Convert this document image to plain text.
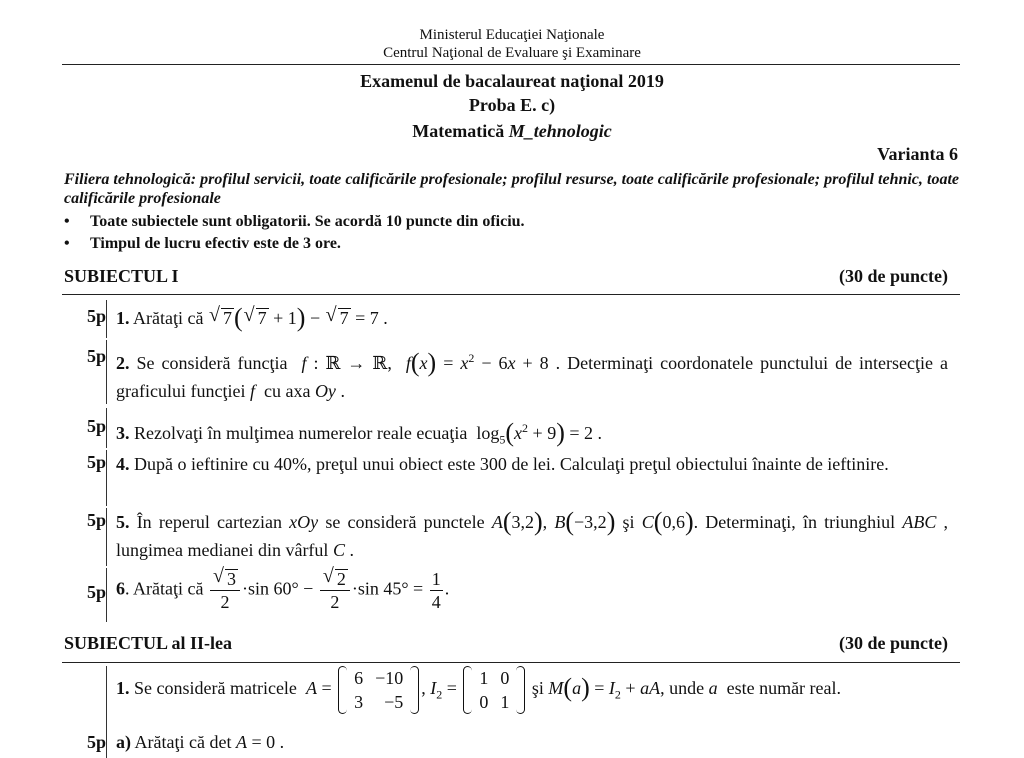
Ministerul Educaţiei Naţionale
Centrul Naţional de Evaluare şi Examinare
Examenul de bacalaureat naţional 2019
Proba E. c)
Matematică M_tehnologic
Varianta 6
Filiera tehnologică: profilul servicii, toate calificările profesionale; profilul resurse, toate calificările profesionale; profilul tehnic, toate calificările profesionale
• Toate subiectele sunt obligatorii. Se acordă 10 puncte din oficiu.
• Timpul de lucru efectiv este de 3 ore.
SUBIECTUL I	(30 de puncte)
5p 1. Arătaţi că √ 7( √ 7 + 1) − √ 7 = 7 .
5p 2. Se consideră funcţia f : ℝ → ℝ,  $f(x) = x^2 - 6x + 8$ . Determinaţi coordonatele punctului de intersecţie a graficului funcţiei f cu axa Oy .
5p 3. Rezolvaţi în mulţimea numerelor reale ecuaţia  $\log_5(x^2 + 9) = 2$ .
5p 4. După o ieftinire cu 40%, preţul unui obiect este 300 de lei. Calculaţi preţul obiectului înainte de ieftinire.
5p 5. În reperul cartezian xOy se consideră punctele A(3,2), B(−3,2) şi C(0,6). Determinaţi, în triunghiul ABC , lungimea medianei din vârful C .
5p 6. Arătaţi că √ $\frac{3}{2} \cdot\sin$ 60° − √ $\frac{2}{2} \cdot\sin$ $45^\circ = \frac{1}{4}$ .
SUBIECTUL al II-lea	(30 de puncte)
5p
1. Se consideră matricele A =
6	−10
3	−5
, $I_2$ =
1	0
0	1
şi $M(a) = I_2$ + aA, unde a este număr real.
a) Arătaţi că det A = 0 .
